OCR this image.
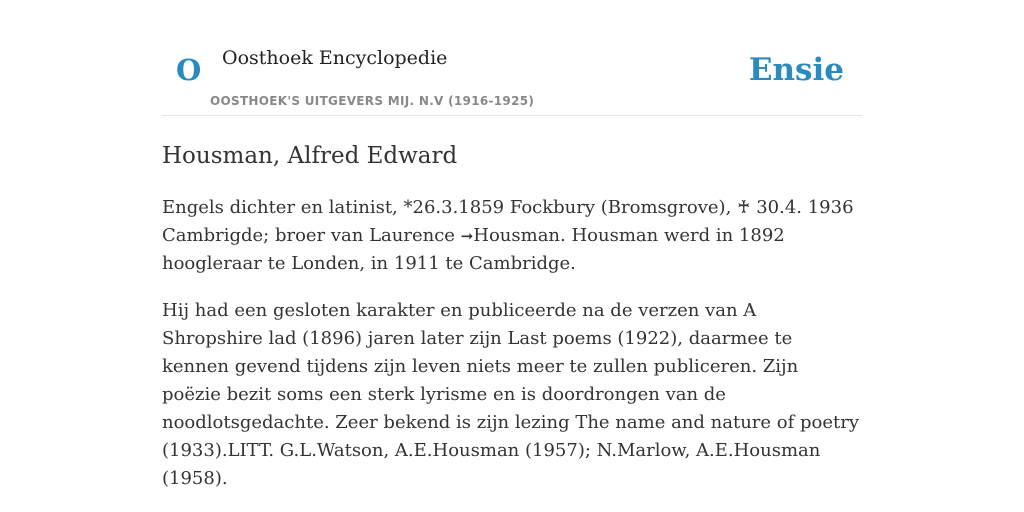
O Oosthoek Encyclopedie
OOSTHOEK'S UITGEVERS MIJ. N.V (1916-1925)
Ensie
Housman, Alfred Edward

Engels dichter en latinist, *26.3.1859 Fockbury (Bromsgrove), ♰ 30.4. 1936 Cambrigde; broer van Laurence ➞Housman. Housman werd in 1892 hoogleraar te Londen, in 1911 te Cambridge.

Hij had een gesloten karakter en publiceerde na de verzen van A Shropshire lad (1896) jaren later zijn Last poems (1922), daarmee te kennen gevend tijdens zijn leven niets meer te zullen publiceren. Zijn poëzie bezit soms een sterk lyrisme en is doordrongen van de noodlotsgedachte. Zeer bekend is zijn lezing The name and nature of poetry (1933).LITT. G.L.Watson, A.E.Housman (1957); N.Marlow, A.E.Housman (1958).
